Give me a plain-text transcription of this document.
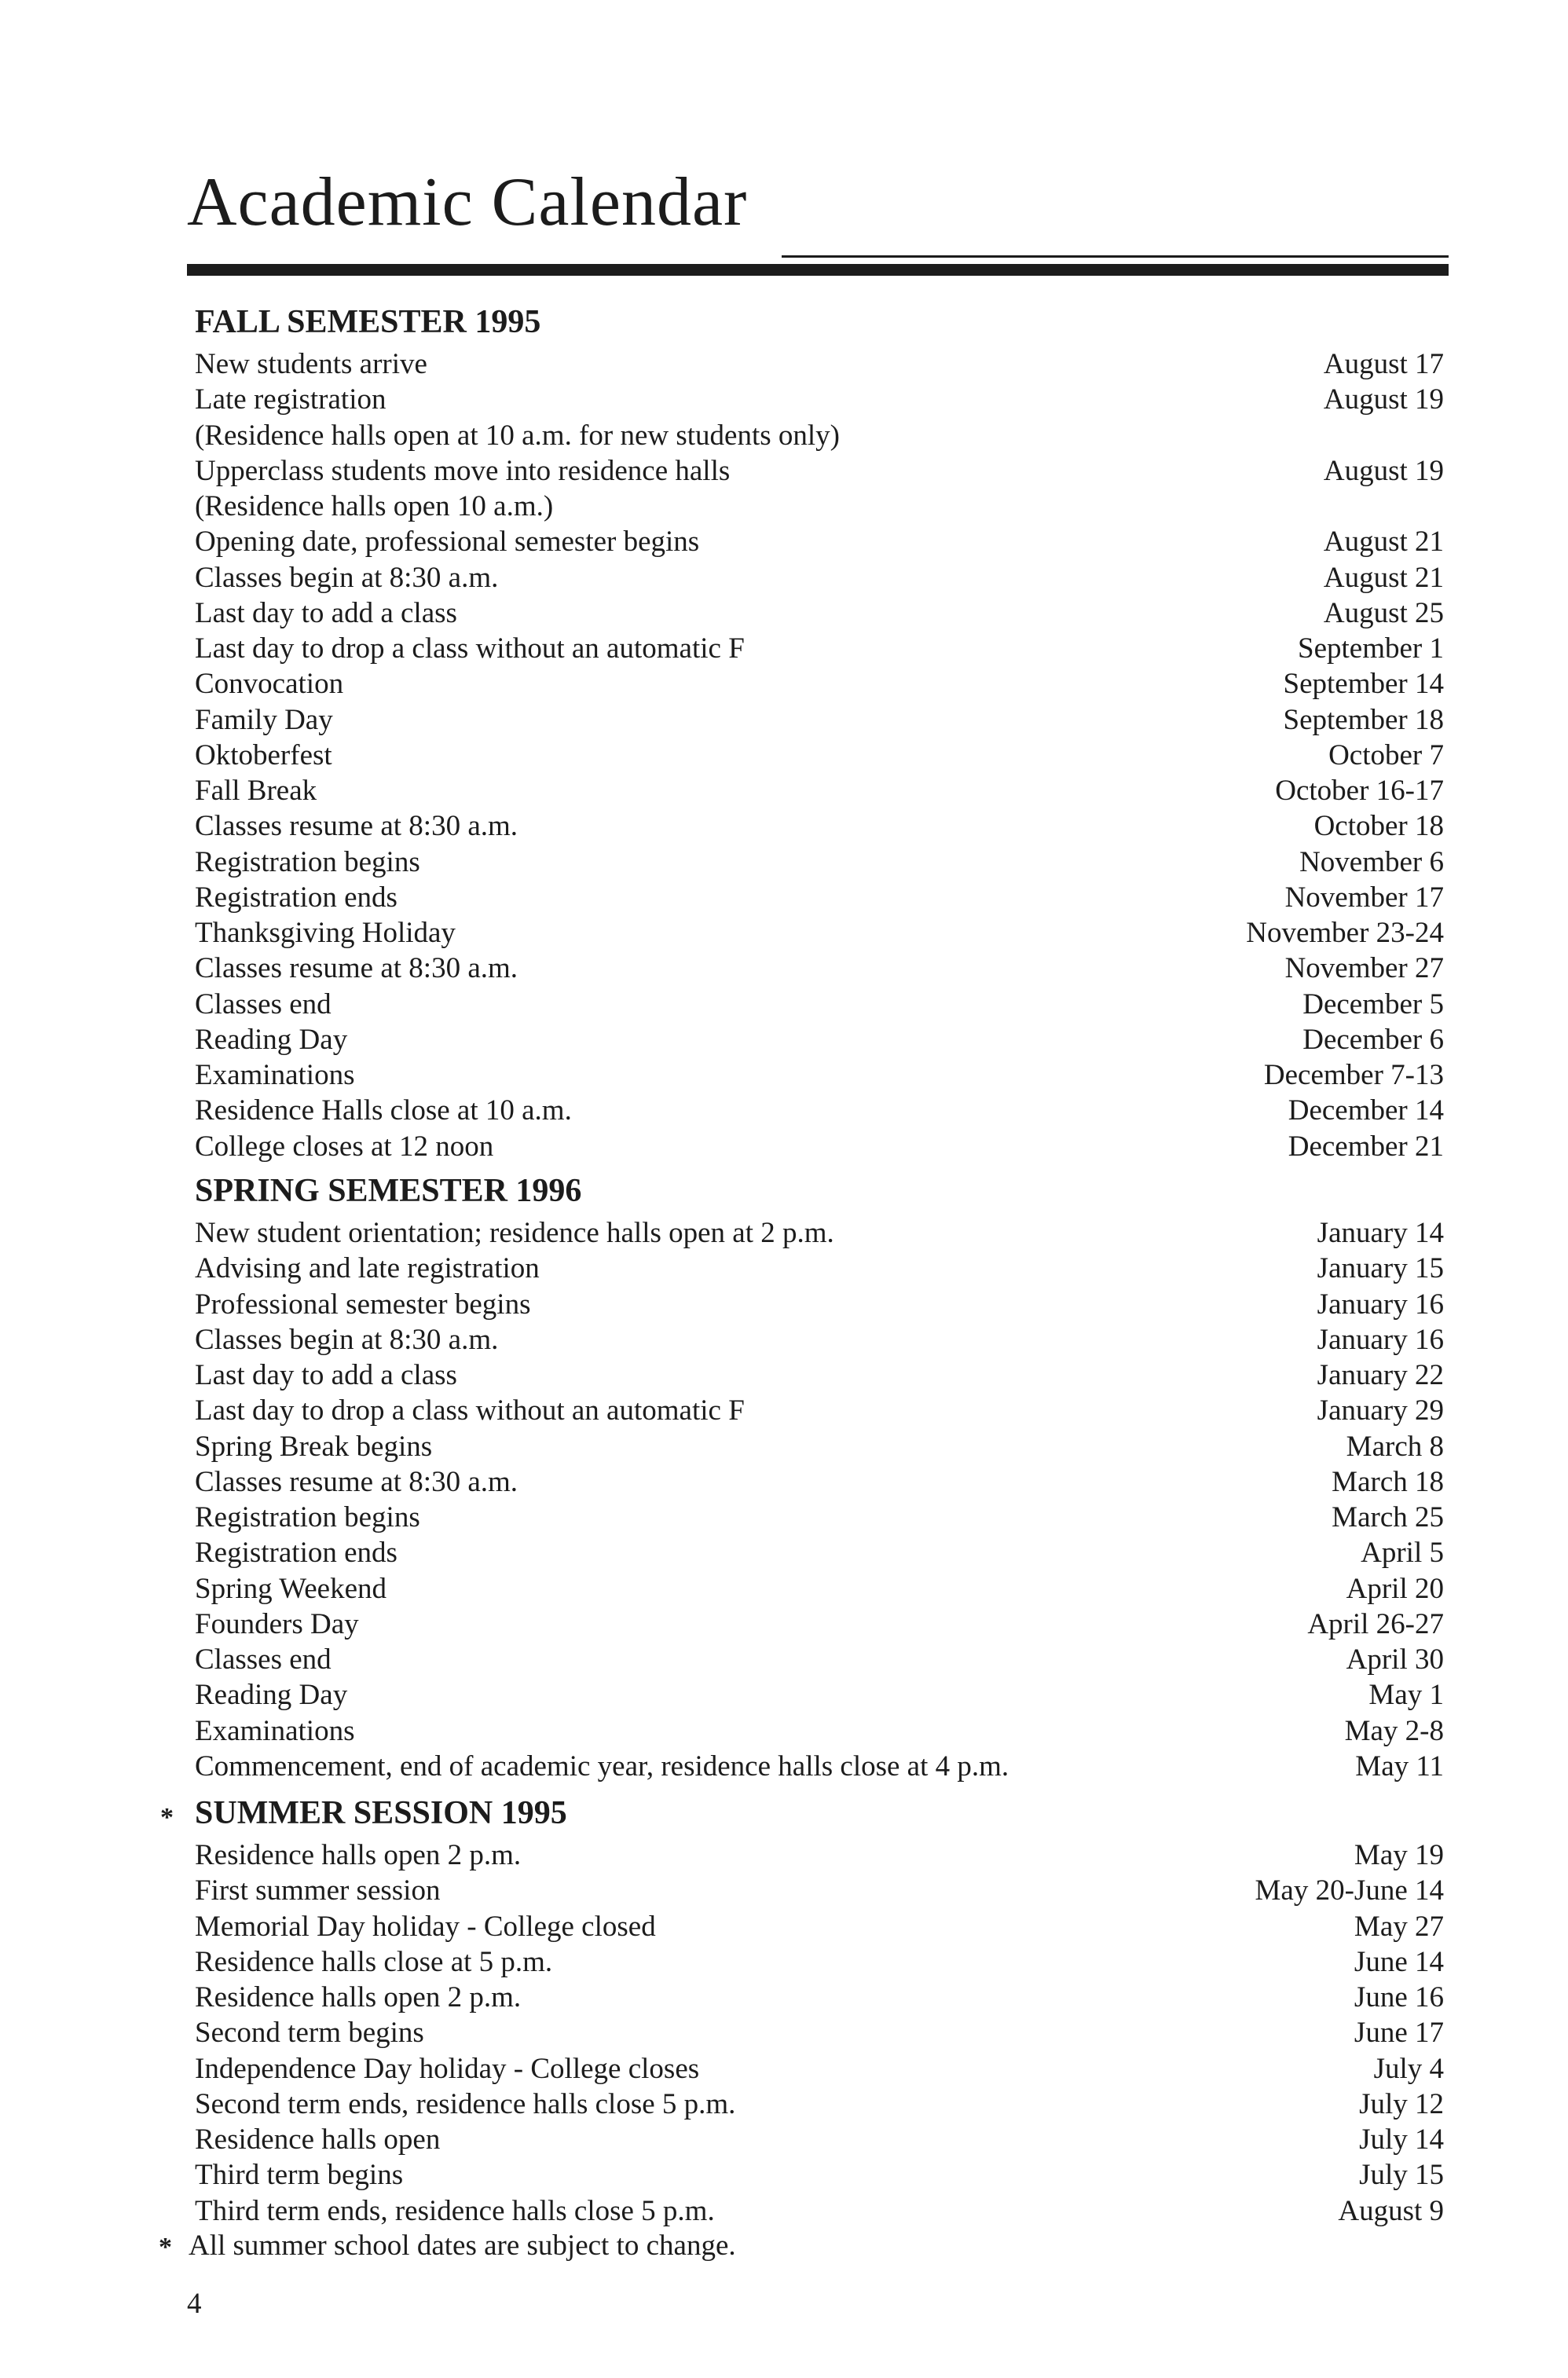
Academic Calendar
FALL SEMESTER 1995
New students arrive	August 17
Late registration	August 19
(Residence halls open at 10 a.m. for new students only)
Upperclass students move into residence halls	August 19
(Residence halls open 10 a.m.)
Opening date, professional semester begins	August 21
Classes begin at 8:30 a.m.	August 21
Last day to add a class	August 25
Last day to drop a class without an automatic F	September 1
Convocation	September 14
Family Day	September 18
Oktoberfest	October 7
Fall Break	October 16-17
Classes resume at 8:30 a.m.	October 18
Registration begins	November 6
Registration ends	November 17
Thanksgiving Holiday	November 23-24
Classes resume at 8:30 a.m.	November 27
Classes end	December 5
Reading Day	December 6
Examinations	December 7-13
Residence Halls close at 10 a.m.	December 14
College closes at 12 noon	December 21
SPRING SEMESTER 1996
New student orientation; residence halls open at 2 p.m.	January 14
Advising and late registration	January 15
Professional semester begins	January 16
Classes begin at 8:30 a.m.	January 16
Last day to add a class	January 22
Last day to drop a class without an automatic F	January 29
Spring Break begins	March 8
Classes resume at 8:30 a.m.	March 18
Registration begins	March 25
Registration ends	April 5
Spring Weekend	April 20
Founders Day	April 26-27
Classes end	April 30
Reading Day	May 1
Examinations	May 2-8
Commencement, end of academic year, residence halls close at 4 p.m.	May 11
* SUMMER SESSION 1995
Residence halls open 2 p.m.	May 19
First summer session	May 20-June 14
Memorial Day holiday - College closed	May 27
Residence halls close at 5 p.m.	June 14
Residence halls open 2 p.m.	June 16
Second term begins	June 17
Independence Day holiday - College closes	July 4
Second term ends, residence halls close 5 p.m.	July 12
Residence halls open	July 14
Third term begins	July 15
Third term ends, residence halls close 5 p.m.	August 9
* All summer school dates are subject to change.
4
